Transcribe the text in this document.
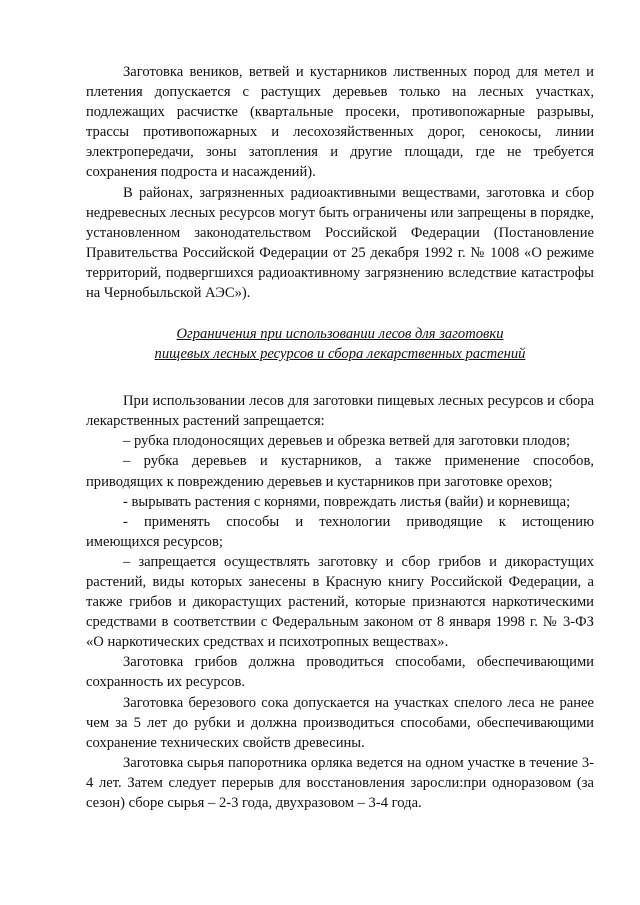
Заготовка веников, ветвей и кустарников лиственных пород для метел и плетения допускается с растущих деревьев только на лесных участках, подлежащих расчистке (квартальные просеки, противопожарные разрывы, трассы противопожарных и лесохозяйственных дорог, сенокосы, линии электропередачи, зоны затопления и другие площади, где не требуется сохранения подроста и насаждений).

В районах, загрязненных радиоактивными веществами, заготовка и сбор недревесных лесных ресурсов могут быть ограничены или запрещены в порядке, установленном законодательством Российской Федерации (Постановление Правительства Российской Федерации от 25 декабря 1992 г. № 1008 «О режиме территорий, подвергшихся радиоактивному загрязнению вследствие катастрофы на Чернобыльской АЭС»).

Ограничения при использовании лесов для заготовки
пищевых лесных ресурсов и сбора лекарственных растений

При использовании лесов для заготовки пищевых лесных ресурсов и сбора лекарственных растений запрещается:

– рубка плодоносящих деревьев и обрезка ветвей для заготовки плодов;

– рубка деревьев и кустарников, а также применение способов, приводящих к повреждению деревьев и кустарников при заготовке орехов;

- вырывать растения с корнями, повреждать листья (вайи) и корневища;

- применять способы и технологии приводящие к истощению

имеющихся ресурсов;

– запрещается осуществлять заготовку и сбор грибов и дикорастущих растений, виды которых занесены в Красную книгу Российской Федерации, а также грибов и дикорастущих растений, которые признаются наркотическими средствами в соответствии с Федеральным законом от 8 января 1998 г. № 3-ФЗ «О наркотических средствах и психотропных веществах».

Заготовка грибов должна проводиться способами, обеспечивающими сохранность их ресурсов.

Заготовка березового сока допускается на участках спелого леса не ранее чем за 5 лет до рубки и должна производиться способами, обеспечивающими сохранение технических свойств древесины.

Заготовка сырья папоротника орляка ведется на одном участке в течение 3-4 лет. Затем следует перерыв для восстановления заросли:при одноразовом (за сезон) сборе сырья – 2-3 года, двухразовом – 3-4 года.
